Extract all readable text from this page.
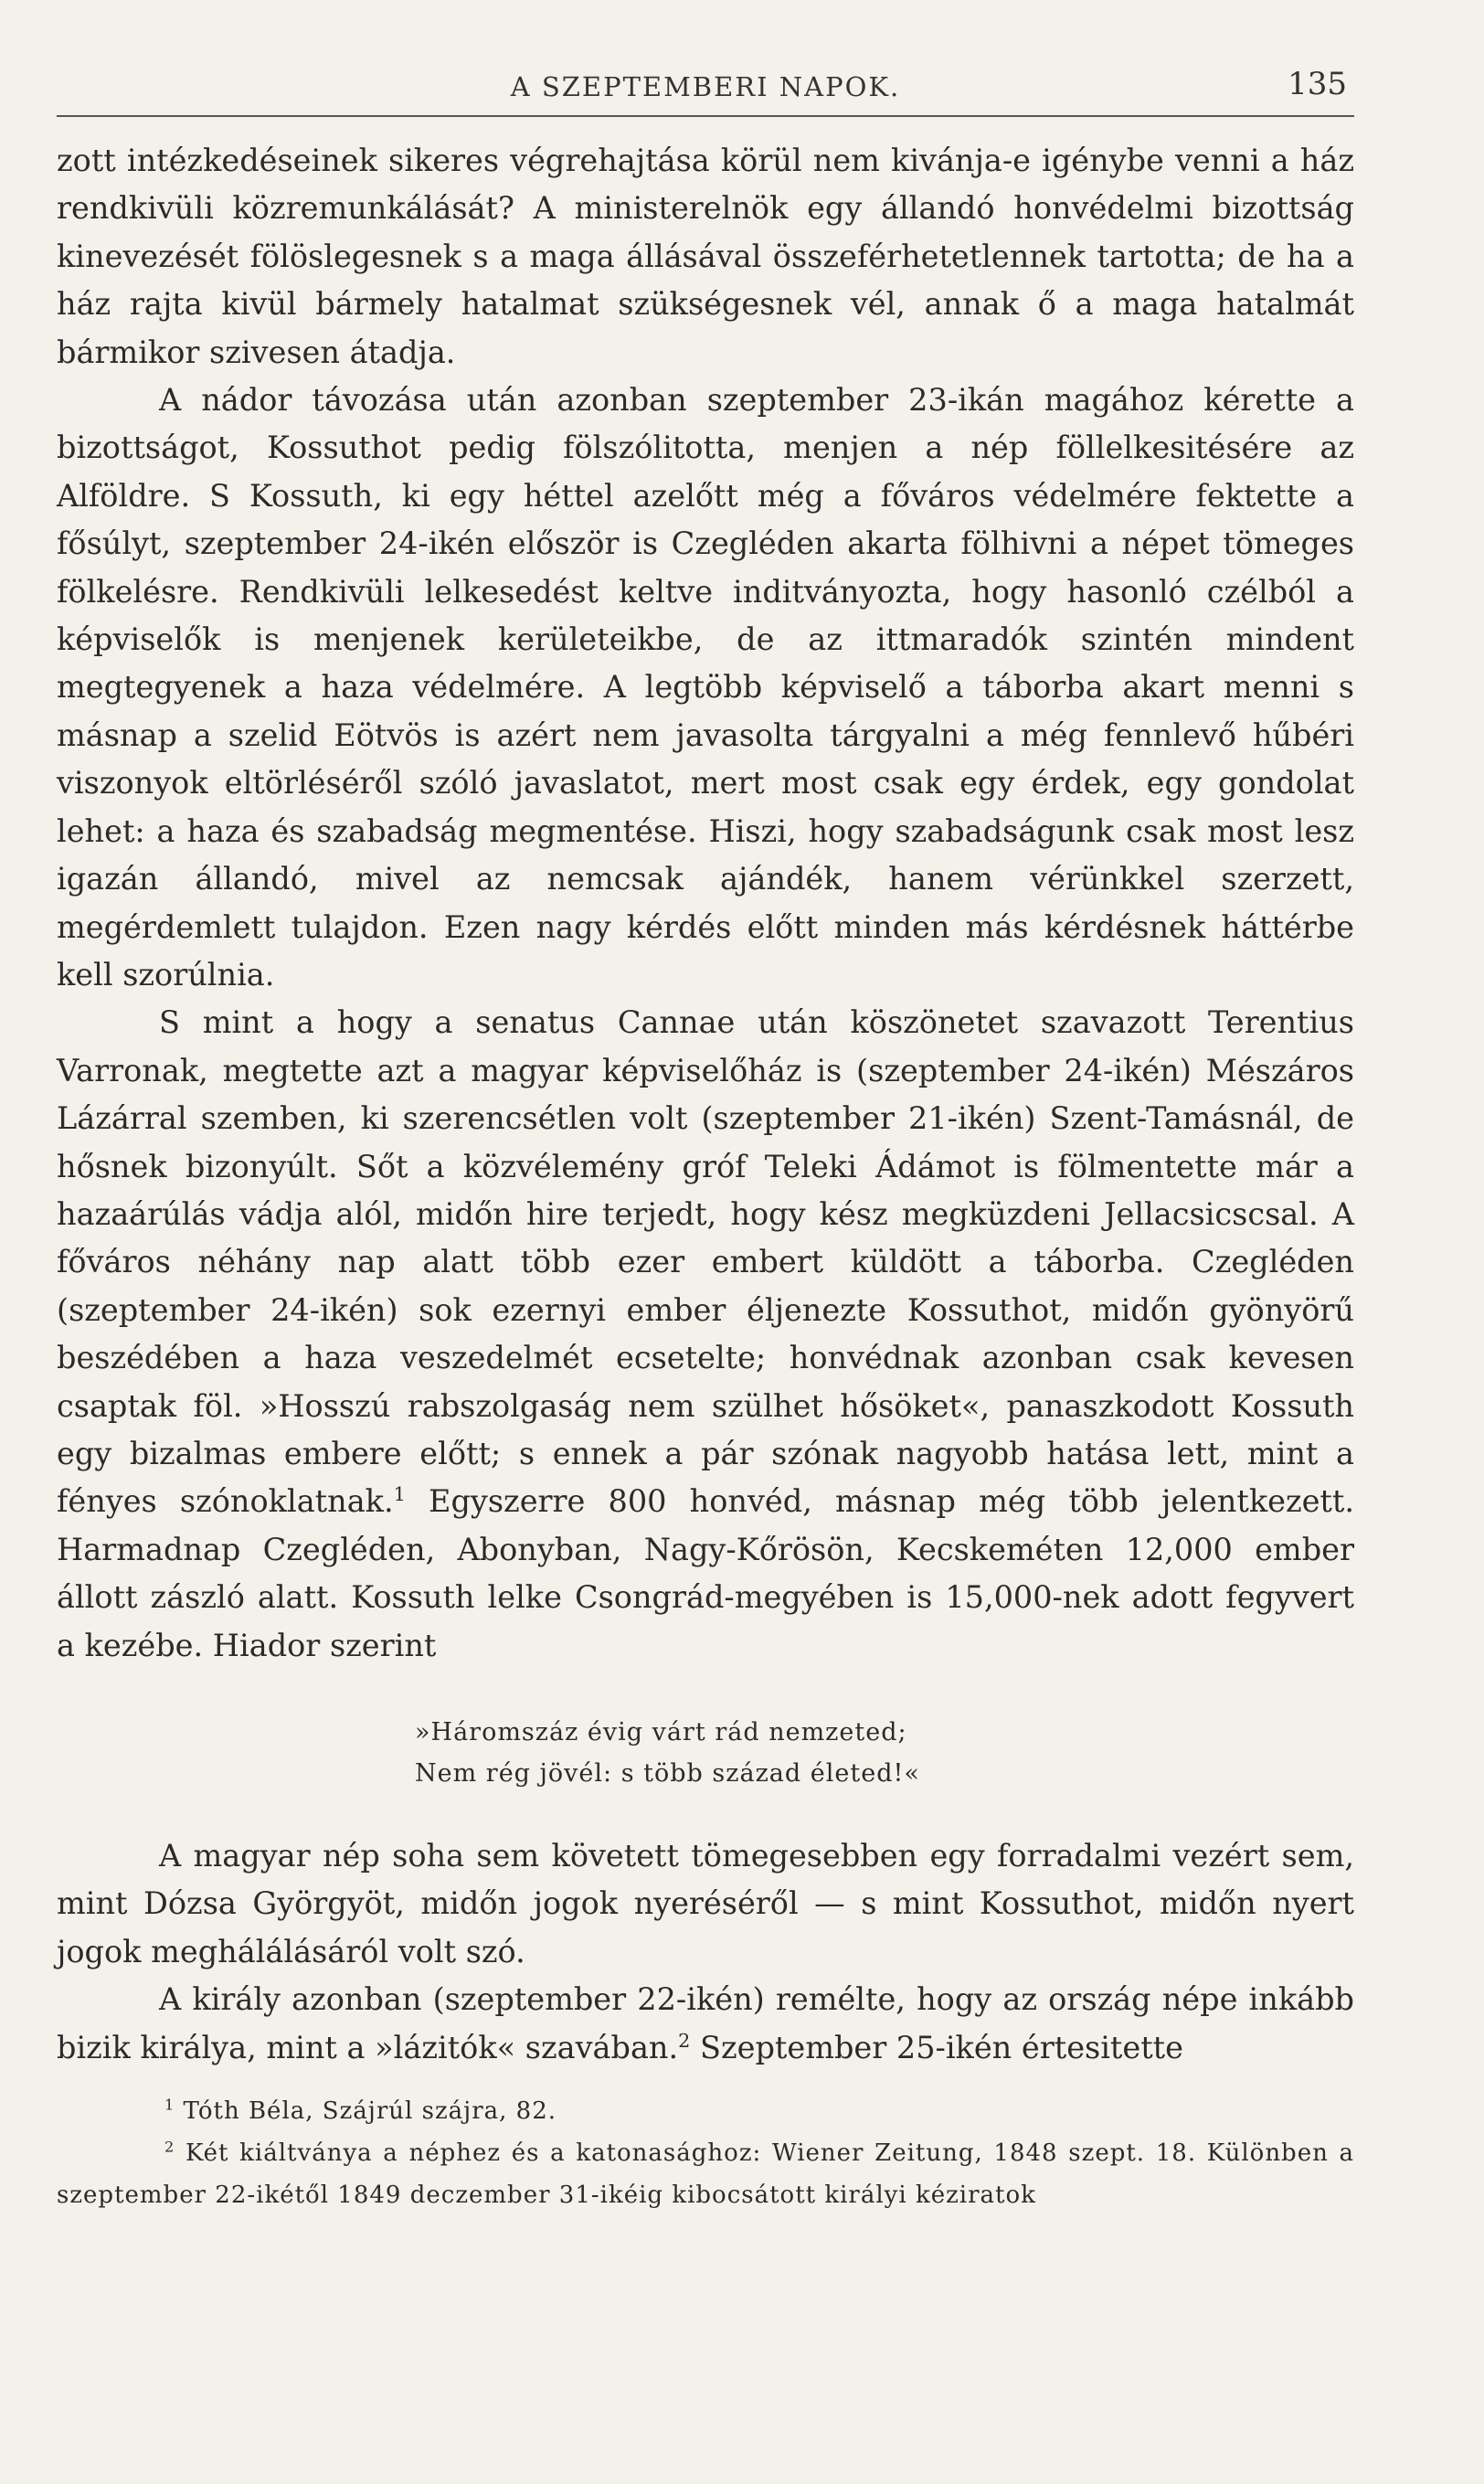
A SZEPTEMBERI NAPOK.	135

zott intézkedéseinek sikeres végrehajtása körül nem kivánja-e igénybe venni a ház rendkivüli közremunkálását? A ministerelnök egy állandó honvédelmi bizottság kinevezését fölöslegesnek s a maga állásával összeférhetetlennek tartotta; de ha a ház rajta kivül bármely hatalmat szükségesnek vél, annak ő a maga hatalmát bármikor szivesen átadja.

A nádor távozása után azonban szeptember 23-ikán magához kérette a bizottságot, Kossuthot pedig fölszólitotta, menjen a nép föllelkesitésére az Alföldre. S Kossuth, ki egy héttel azelőtt még a főváros védelmére fektette a fősúlyt, szeptember 24-ikén először is Czegléden akarta fölhivni a népet tömeges fölkelésre. Rendkivüli lelkesedést keltve inditványozta, hogy hasonló czélból a képviselők is menjenek kerületeikbe, de az ittmaradók szintén mindent megtegyenek a haza védelmére. A legtöbb képviselő a táborba akart menni s másnap a szelid Eötvös is azért nem javasolta tárgyalni a még fennlevő hűbéri viszonyok eltörléséről szóló javaslatot, mert most csak egy érdek, egy gondolat lehet: a haza és szabadság megmentése. Hiszi, hogy szabadságunk csak most lesz igazán állandó, mivel az nemcsak ajándék, hanem vérünkkel szerzett, megérdemlett tulajdon. Ezen nagy kérdés előtt minden más kérdésnek háttérbe kell szorúlnia.

S mint a hogy a senatus Cannae után köszönetet szavazott Terentius Varronak, megtette azt a magyar képviselőház is (szeptember 24-ikén) Mészáros Lázárral szemben, ki szerencsétlen volt (szeptember 21-ikén) Szent-Tamásnál, de hősnek bizonyúlt. Sőt a közvélemény gróf Teleki Ádámot is fölmentette már a hazaárúlás vádja alól, midőn hire terjedt, hogy kész megküzdeni Jellacsicscsal. A főváros néhány nap alatt több ezer embert küldött a táborba. Czegléden (szeptember 24-ikén) sok ezernyi ember éljenezte Kossuthot, midőn gyönyörű beszédében a haza veszedelmét ecsetelte; honvédnak azonban csak kevesen csaptak föl. »Hosszú rabszolgaság nem szülhet hősöket«, panaszkodott Kossuth egy bizalmas embere előtt; s ennek a pár szónak nagyobb hatása lett, mint a fényes szónoklatnak.$^1$ Egyszerre 800 honvéd, másnap még több jelentkezett. Harmadnap Czegléden, Abonyban, Nagy-Kőrösön, Kecskeméten 12,000 ember állott zászló alatt. Kossuth lelke Csongrád-megyében is 15,000-nek adott fegyvert a kezébe. Hiador szerint

»Háromszáz évig várt rád nemzeted;
Nem rég jövél: s több század életed!«

A magyar nép soha sem követett tömegesebben egy forradalmi vezért sem, mint Dózsa Györgyöt, midőn jogok nyeréséről — s mint Kossuthot, midőn nyert jogok meghálálásáról volt szó.

A király azonban (szeptember 22-ikén) remélte, hogy az ország népe inkább bizik királya, mint a »lázitók« szavában.$^2$ Szeptember 25-ikén értesitette

$^1$ Tóth Béla, Szájrúl szájra, 82.

$^2$ Két kiáltványa a néphez és a katonasághoz: Wiener Zeitung, 1848 szept. 18. Különben a szeptember 22-ikétől 1849 deczember 31-ikéig kibocsátott királyi kéziratok
